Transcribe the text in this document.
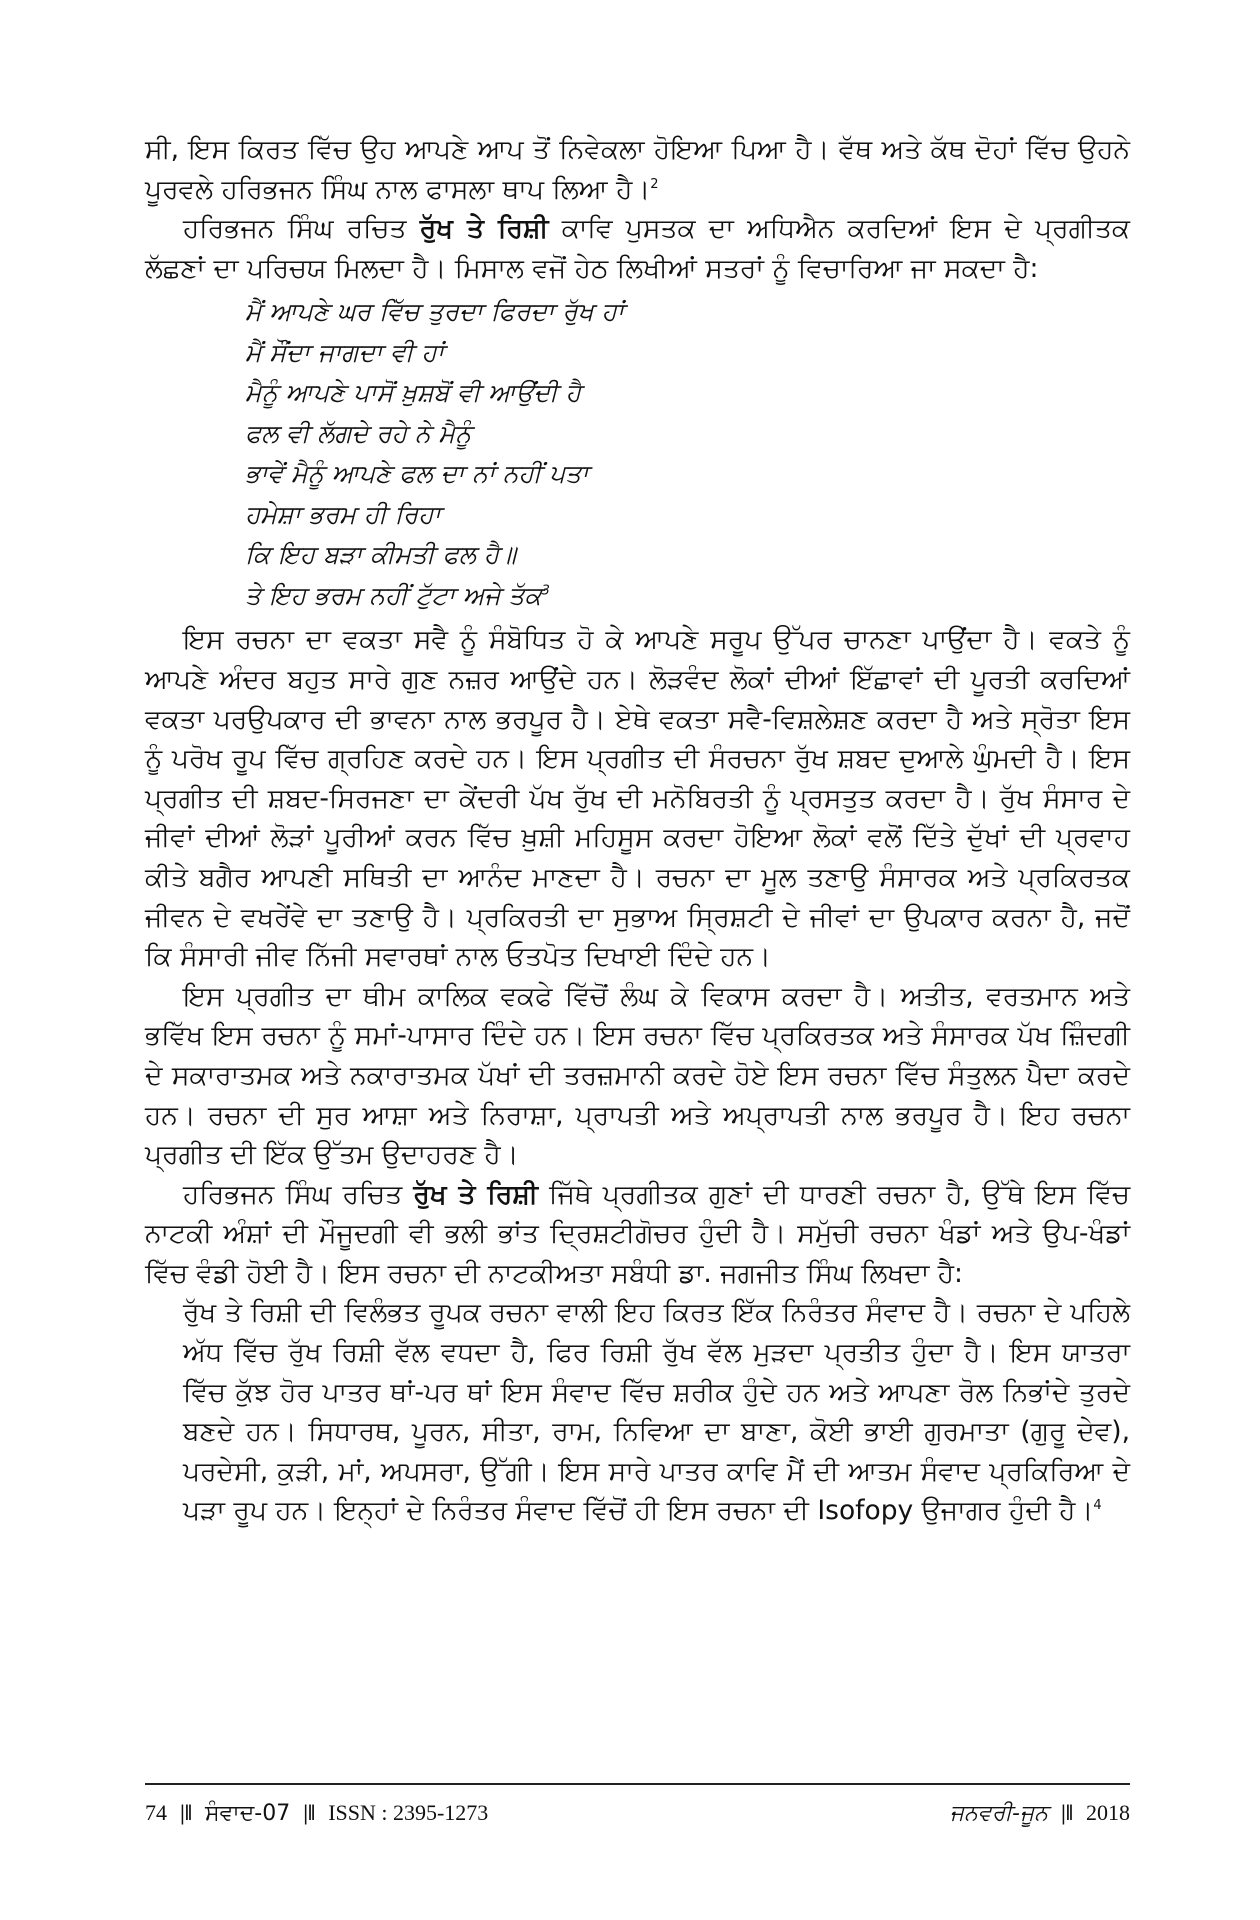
ਸੀ, ਇਸ ਕਿਰਤ ਵਿੱਚ ਉਹ ਆਪਣੇ ਆਪ ਤੋਂ ਨਿਵੇਕਲਾ ਹੋਇਆ ਪਿਆ ਹੈ। ਵੱਥ ਅਤੇ ਕੱਥ ਦੋਹਾਂ ਵਿੱਚ ਉਹਨੇ ਪੂਰਵਲੇ ਹਰਿਭਜਨ ਸਿੰਘ ਨਾਲ ਫਾਸਲਾ ਥਾਪ ਲਿਆ ਹੈ।$^2$

ਹਰਿਭਜਨ ਸਿੰਘ ਰਚਿਤ ਰੁੱਖ ਤੇ ਰਿਸ਼ੀ ਕਾਵਿ ਪੁਸਤਕ ਦਾ ਅਧਿਐਨ ਕਰਦਿਆਂ ਇਸ ਦੇ ਪ੍ਰਗੀਤਕ ਲੱਛਣਾਂ ਦਾ ਪਰਿਚਯ ਮਿਲਦਾ ਹੈ। ਮਿਸਾਲ ਵਜੋਂ ਹੇਠ ਲਿਖੀਆਂ ਸਤਰਾਂ ਨੂੰ ਵਿਚਾਰਿਆ ਜਾ ਸਕਦਾ ਹੈ:

ਮੈਂ ਆਪਣੇ ਘਰ ਵਿੱਚ ਤੁਰਦਾ ਫਿਰਦਾ ਰੁੱਖ ਹਾਂ
ਮੈਂ ਸੌਂਦਾ ਜਾਗਦਾ ਵੀ ਹਾਂ
ਮੈਨੂੰ ਆਪਣੇ ਪਾਸੋਂ ਖ਼ੁਸ਼ਬੋਂ ਵੀ ਆਉਂਦੀ ਹੈ
ਫਲ ਵੀ ਲੱਗਦੇ ਰਹੇ ਨੇ ਮੈਨੂੰ
ਭਾਵੇਂ ਮੈਨੂੰ ਆਪਣੇ ਫਲ ਦਾ ਨਾਂ ਨਹੀਂ ਪਤਾ
ਹਮੇਸ਼ਾ ਭਰਮ ਹੀ ਰਿਹਾ
ਕਿ ਇਹ ਬੜਾ ਕੀਮਤੀ ਫਲ ਹੈ॥
ਤੇ ਇਹ ਭਰਮ ਨਹੀਂ ਟੁੱਟਾ ਅਜੇ ਤੱਕ$^3$

ਇਸ ਰਚਨਾ ਦਾ ਵਕਤਾ ਸਵੈ ਨੂੰ ਸੰਬੋਧਿਤ ਹੋ ਕੇ ਆਪਣੇ ਸਰੂਪ ਉੱਪਰ ਚਾਨਣਾ ਪਾਉਂਦਾ ਹੈ। ਵਕਤੇ ਨੂੰ ਆਪਣੇ ਅੰਦਰ ਬਹੁਤ ਸਾਰੇ ਗੁਣ ਨਜ਼ਰ ਆਉਂਦੇ ਹਨ। ਲੋੜਵੰਦ ਲੋਕਾਂ ਦੀਆਂ ਇੱਛਾਵਾਂ ਦੀ ਪੂਰਤੀ ਕਰਦਿਆਂ ਵਕਤਾ ਪਰਉਪਕਾਰ ਦੀ ਭਾਵਨਾ ਨਾਲ ਭਰਪੂਰ ਹੈ। ਏਥੇ ਵਕਤਾ ਸਵੈ-ਵਿਸ਼ਲੇਸ਼ਣ ਕਰਦਾ ਹੈ ਅਤੇ ਸ੍ਰੋਤਾ ਇਸ ਨੂੰ ਪਰੋਖ ਰੂਪ ਵਿੱਚ ਗ੍ਰਹਿਣ ਕਰਦੇ ਹਨ। ਇਸ ਪ੍ਰਗੀਤ ਦੀ ਸੰਰਚਨਾ ਰੁੱਖ ਸ਼ਬਦ ਦੁਆਲੇ ਘੁੰਮਦੀ ਹੈ। ਇਸ ਪ੍ਰਗੀਤ ਦੀ ਸ਼ਬਦ-ਸਿਰਜਣਾ ਦਾ ਕੇਂਦਰੀ ਪੱਖ ਰੁੱਖ ਦੀ ਮਨੋਬਿਰਤੀ ਨੂੰ ਪ੍ਰਸਤੁਤ ਕਰਦਾ ਹੈ। ਰੁੱਖ ਸੰਸਾਰ ਦੇ ਜੀਵਾਂ ਦੀਆਂ ਲੋੜਾਂ ਪੂਰੀਆਂ ਕਰਨ ਵਿੱਚ ਖ਼ੁਸ਼ੀ ਮਹਿਸੂਸ ਕਰਦਾ ਹੋਇਆ ਲੋਕਾਂ ਵਲੋਂ ਦਿੱਤੇ ਦੁੱਖਾਂ ਦੀ ਪ੍ਰਵਾਹ ਕੀਤੇ ਬਗੈਰ ਆਪਣੀ ਸਥਿਤੀ ਦਾ ਆਨੰਦ ਮਾਣਦਾ ਹੈ। ਰਚਨਾ ਦਾ ਮੂਲ ਤਣਾਉ ਸੰਸਾਰਕ ਅਤੇ ਪ੍ਰਕਿਰਤਕ ਜੀਵਨ ਦੇ ਵਖਰੇਂਵੇ ਦਾ ਤਣਾਉ ਹੈ। ਪ੍ਰਕਿਰਤੀ ਦਾ ਸੁਭਾਅ ਸ੍ਰਿਸ਼ਟੀ ਦੇ ਜੀਵਾਂ ਦਾ ਉਪਕਾਰ ਕਰਨਾ ਹੈ, ਜਦੋਂ ਕਿ ਸੰਸਾਰੀ ਜੀਵ ਨਿੱਜੀ ਸਵਾਰਥਾਂ ਨਾਲ ਓਤਪੋਤ ਦਿਖਾਈ ਦਿੰਦੇ ਹਨ।

ਇਸ ਪ੍ਰਗੀਤ ਦਾ ਥੀਮ ਕਾਲਿਕ ਵਕਫੇ ਵਿੱਚੋਂ ਲੰਘ ਕੇ ਵਿਕਾਸ ਕਰਦਾ ਹੈ। ਅਤੀਤ, ਵਰਤਮਾਨ ਅਤੇ ਭਵਿੱਖ ਇਸ ਰਚਨਾ ਨੂੰ ਸਮਾਂ-ਪਾਸਾਰ ਦਿੰਦੇ ਹਨ। ਇਸ ਰਚਨਾ ਵਿੱਚ ਪ੍ਰਕਿਰਤਕ ਅਤੇ ਸੰਸਾਰਕ ਪੱਖ ਜ਼ਿੰਦਗੀ ਦੇ ਸਕਾਰਾਤਮਕ ਅਤੇ ਨਕਾਰਾਤਮਕ ਪੱਖਾਂ ਦੀ ਤਰਜ਼ਮਾਨੀ ਕਰਦੇ ਹੋਏ ਇਸ ਰਚਨਾ ਵਿੱਚ ਸੰਤੁਲਨ ਪੈਦਾ ਕਰਦੇ ਹਨ। ਰਚਨਾ ਦੀ ਸੁਰ ਆਸ਼ਾ ਅਤੇ ਨਿਰਾਸ਼ਾ, ਪ੍ਰਾਪਤੀ ਅਤੇ ਅਪ੍ਰਾਪਤੀ ਨਾਲ ਭਰਪੂਰ ਹੈ। ਇਹ ਰਚਨਾ ਪ੍ਰਗੀਤ ਦੀ ਇੱਕ ਉੱਤਮ ਉਦਾਹਰਣ ਹੈ।

ਹਰਿਭਜਨ ਸਿੰਘ ਰਚਿਤ ਰੁੱਖ ਤੇ ਰਿਸ਼ੀ ਜਿੱਥੇ ਪ੍ਰਗੀਤਕ ਗੁਣਾਂ ਦੀ ਧਾਰਣੀ ਰਚਨਾ ਹੈ, ਉੱਥੇ ਇਸ ਵਿੱਚ ਨਾਟਕੀ ਅੰਸ਼ਾਂ ਦੀ ਮੌਜੂਦਗੀ ਵੀ ਭਲੀ ਭਾਂਤ ਦ੍ਰਿਸ਼ਟੀਗੋਚਰ ਹੁੰਦੀ ਹੈ। ਸਮੁੱਚੀ ਰਚਨਾ ਖੰਡਾਂ ਅਤੇ ਉਪ-ਖੰਡਾਂ ਵਿੱਚ ਵੰਡੀ ਹੋਈ ਹੈ। ਇਸ ਰਚਨਾ ਦੀ ਨਾਟਕੀਅਤਾ ਸਬੰਧੀ ਡਾ. ਜਗਜੀਤ ਸਿੰਘ ਲਿਖਦਾ ਹੈ:

ਰੁੱਖ ਤੇ ਰਿਸ਼ੀ ਦੀ ਵਿਲੰਭਤ ਰੂਪਕ ਰਚਨਾ ਵਾਲੀ ਇਹ ਕਿਰਤ ਇੱਕ ਨਿਰੰਤਰ ਸੰਵਾਦ ਹੈ। ਰਚਨਾ ਦੇ ਪਹਿਲੇ ਅੱਧ ਵਿੱਚ ਰੁੱਖ ਰਿਸ਼ੀ ਵੱਲ ਵਧਦਾ ਹੈ, ਫਿਰ ਰਿਸ਼ੀ ਰੁੱਖ ਵੱਲ ਮੁੜਦਾ ਪ੍ਰਤੀਤ ਹੁੰਦਾ ਹੈ। ਇਸ ਯਾਤਰਾ ਵਿੱਚ ਕੁੱਝ ਹੋਰ ਪਾਤਰ ਥਾਂ-ਪਰ ਥਾਂ ਇਸ ਸੰਵਾਦ ਵਿੱਚ ਸ਼ਰੀਕ ਹੁੰਦੇ ਹਨ ਅਤੇ ਆਪਣਾ ਰੋਲ ਨਿਭਾਂਦੇ ਤੁਰਦੇ ਬਣਦੇ ਹਨ। ਸਿਧਾਰਥ, ਪੂਰਨ, ਸੀਤਾ, ਰਾਮ, ਨਿਵਿਆ ਦਾ ਬਾਣਾ, ਕੋਈ ਭਾਈ ਗੁਰਮਾਤਾ (ਗੁਰੂ ਦੇਵ), ਪਰਦੇਸੀ, ਕੁੜੀ, ਮਾਂ, ਅਪਸਰਾ, ਉੱਗੀ। ਇਸ ਸਾਰੇ ਪਾਤਰ ਕਾਵਿ ਮੈਂ ਦੀ ਆਤਮ ਸੰਵਾਦ ਪ੍ਰਕਿਰਿਆ ਦੇ ਪੜਾ ਰੂਪ ਹਨ। ਇਨ੍ਹਾਂ ਦੇ ਨਿਰੰਤਰ ਸੰਵਾਦ ਵਿੱਚੋਂ ਹੀ ਇਸ ਰਚਨਾ ਦੀ Isofopy ਉਜਾਗਰ ਹੁੰਦੀ ਹੈ।$^4$

74 |‖ ਸੰਵਾਦ-07 |‖ ISSN : 2395-1273	ਜਨਵਰੀ-ਜੂਨ |‖ 2018
